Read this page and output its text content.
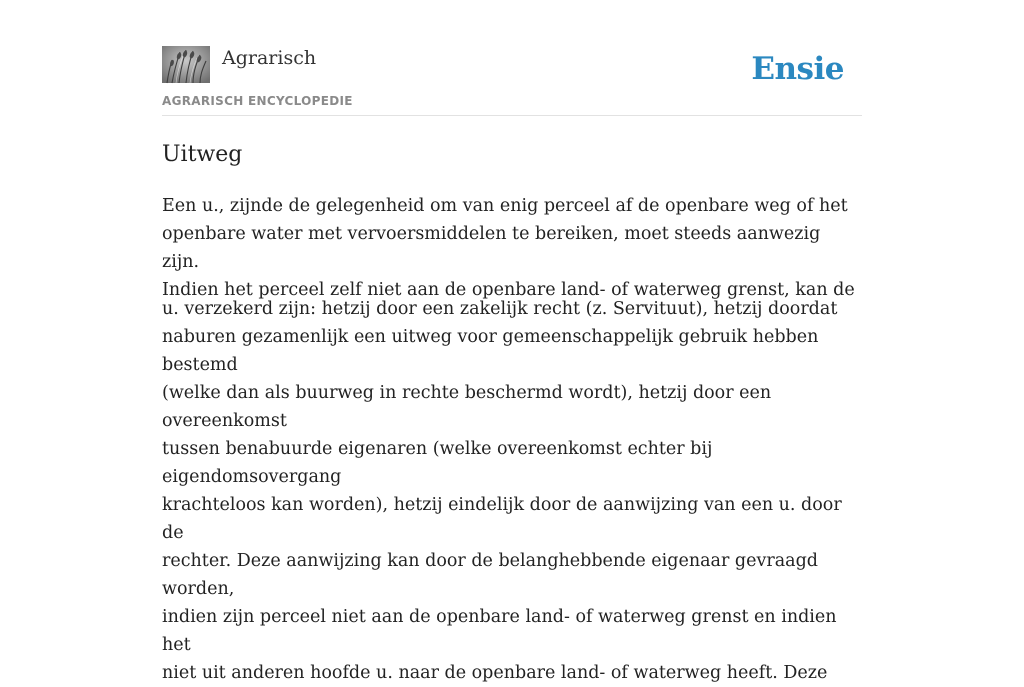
Agrarisch
AGRARISCH ENCYCLOPEDIE
Ensie
Uitweg

Een u., zijnde de gelegenheid om van enig perceel af de openbare weg of het
openbare water met vervoersmiddelen te bereiken, moet steeds aanwezig zijn.
Indien het perceel zelf niet aan de openbare land- of waterweg grenst, kan de

u. verzekerd zijn: hetzij door een zakelijk recht (z. Servituut), hetzij doordat
naburen gezamenlijk een uitweg voor gemeenschappelijk gebruik hebben bestemd
(welke dan als buurweg in rechte beschermd wordt), hetzij door een overeenkomst
tussen benabuurde eigenaren (welke overeenkomst echter bij eigendomsovergang
krachteloos kan worden), hetzij eindelijk door de aanwijzing van een u. door de
rechter. Deze aanwijzing kan door de belanghebbende eigenaar gevraagd worden,
indien zijn perceel niet aan de openbare land- of waterweg grenst en indien het
niet uit anderen hoofde u. naar de openbare land- of waterweg heeft. Deze
